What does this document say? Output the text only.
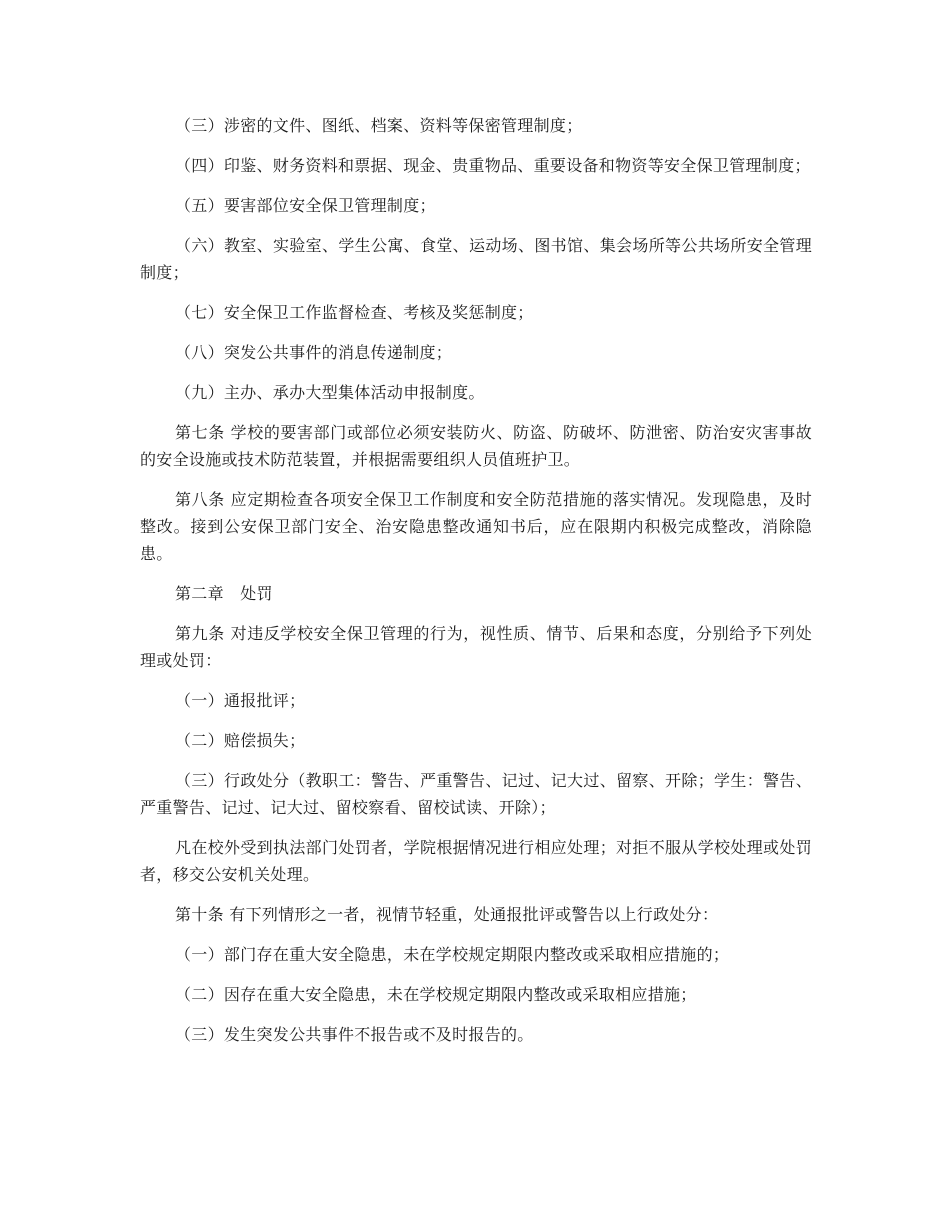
（三）涉密的文件、图纸、档案、资料等保密管理制度；

（四）印鉴、财务资料和票据、现金、贵重物品、重要设备和物资等安全保卫管理制度；

（五）要害部位安全保卫管理制度；

（六）教室、实验室、学生公寓、食堂、运动场、图书馆、集会场所等公共场所安全管理制度；

（七）安全保卫工作监督检查、考核及奖惩制度；

（八）突发公共事件的消息传递制度；

（九）主办、承办大型集体活动申报制度。

第七条 学校的要害部门或部位必须安装防火、防盗、防破坏、防泄密、防治安灾害事故的安全设施或技术防范装置，并根据需要组织人员值班护卫。

第八条 应定期检查各项安全保卫工作制度和安全防范措施的落实情况。发现隐患，及时整改。接到公安保卫部门安全、治安隐患整改通知书后，应在限期内积极完成整改，消除隐患。

第二章　处罚

第九条 对违反学校安全保卫管理的行为，视性质、情节、后果和态度，分别给予下列处理或处罚：

（一）通报批评；

（二）赔偿损失；

（三）行政处分（教职工：警告、严重警告、记过、记大过、留察、开除；学生：警告、严重警告、记过、记大过、留校察看、留校试读、开除）；

凡在校外受到执法部门处罚者，学院根据情况进行相应处理；对拒不服从学校处理或处罚者，移交公安机关处理。

第十条 有下列情形之一者，视情节轻重，处通报批评或警告以上行政处分：

（一）部门存在重大安全隐患，未在学校规定期限内整改或采取相应措施的；

（二）因存在重大安全隐患，未在学校规定期限内整改或采取相应措施；

（三）发生突发公共事件不报告或不及时报告的。
